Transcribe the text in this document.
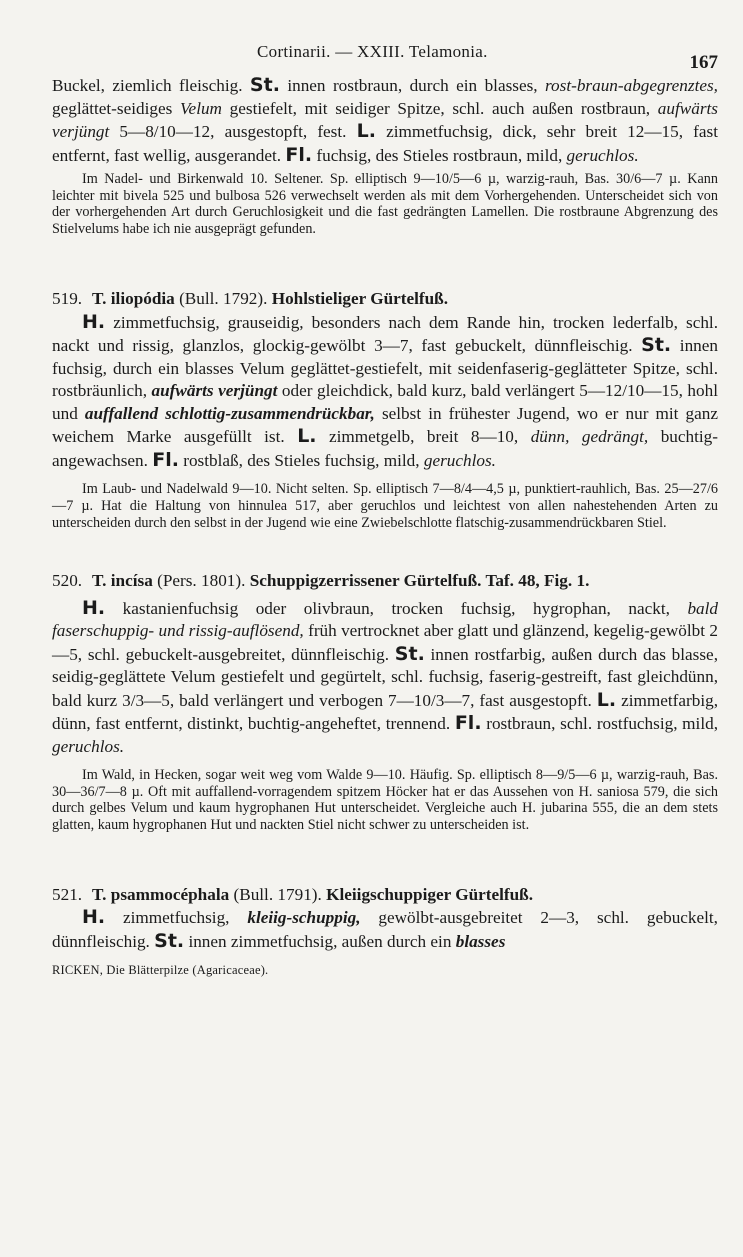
Cortinarii. — XXIII. Telamonia.
167

Buckel, ziemlich fleischig. St. innen rostbraun, durch ein blasses, rost-braun-abgegrenztes, geglättet-seidiges Velum gestiefelt, mit seidiger Spitze, schl. auch außen rostbraun, aufwärts verjüngt 5—8/10—12, ausgestopft, fest. L. zimmetfuchsig, dick, sehr breit 12—15, fast entfernt, fast wellig, ausgerandet. Fl. fuchsig, des Stieles rostbraun, mild, geruchlos.

Im Nadel- und Birkenwald 10. Seltener. Sp. elliptisch 9—10/5—6 µ, warzig-rauh, Bas. 30/6—7 µ. Kann leichter mit bivela 525 und bulbosa 526 verwechselt werden als mit dem Vorhergehenden. Unterscheidet sich von der vorhergehenden Art durch Geruchlosigkeit und die fast gedrängten Lamellen. Die rostbraune Abgrenzung des Stielvelums habe ich nie ausgeprägt gefunden.

519. T. iliopódia (Bull. 1792). Hohlstieliger Gürtelfuß.

H. zimmetfuchsig, grauseidig, besonders nach dem Rande hin, trocken lederfalb, schl. nackt und rissig, glanzlos, glockig-gewölbt 3—7, fast gebuckelt, dünnfleischig. St. innen fuchsig, durch ein blasses Velum geglättet-gestiefelt, mit seidenfaserig-geglätteter Spitze, schl. rostbräunlich, aufwärts verjüngt oder gleichdick, bald kurz, bald verlängert 5—12/10—15, hohl und auffallend schlottig-zusammendrückbar, selbst in frühester Jugend, wo er nur mit ganz weichem Marke ausgefüllt ist. L. zimmetgelb, breit 8—10, dünn, gedrängt, buchtig-angewachsen. Fl. rostblaß, des Stieles fuchsig, mild, geruchlos.

Im Laub- und Nadelwald 9—10. Nicht selten. Sp. elliptisch 7—8/4—4,5 µ, punktiert-rauhlich, Bas. 25—27/6—7 µ. Hat die Haltung von hinnulea 517, aber geruchlos und leichtest von allen nahestehenden Arten zu unterscheiden durch den selbst in der Jugend wie eine Zwiebelschlotte flatschig-zusammendrückbaren Stiel.

520. T. incísa (Pers. 1801). Schuppigzerrissener Gürtelfuß. Taf. 48, Fig. 1.

H. kastanienfuchsig oder olivbraun, trocken fuchsig, hygrophan, nackt, bald faserschuppig- und rissig-auflösend, früh vertrocknet aber glatt und glänzend, kegelig-gewölbt 2—5, schl. gebuckelt-ausgebreitet, dünnfleischig. St. innen rostfarbig, außen durch das blasse, seidig-geglättete Velum gestiefelt und gegürtelt, schl. fuchsig, faserig-gestreift, fast gleichdünn, bald kurz 3/3—5, bald verlängert und verbogen 7—10/3—7, fast ausgestopft. L. zimmetfarbig, dünn, fast entfernt, distinkt, buchtig-angeheftet, trennend. Fl. rostbraun, schl. rostfuchsig, mild, geruchlos.

Im Wald, in Hecken, sogar weit weg vom Walde 9—10. Häufig. Sp. elliptisch 8—9/5—6 µ, warzig-rauh, Bas. 30—36/7—8 µ. Oft mit auffallend-vorragendem spitzem Höcker hat er das Aussehen von H. saniosa 579, die sich durch gelbes Velum und kaum hygrophanen Hut unterscheidet. Vergleiche auch H. jubarina 555, die an dem stets glatten, kaum hygrophanen Hut und nackten Stiel nicht schwer zu unterscheiden ist.

521. T. psammocéphala (Bull. 1791). Kleiigschuppiger Gürtelfuß.

H. zimmetfuchsig, kleiig-schuppig, gewölbt-ausgebreitet 2—3, schl. gebuckelt, dünnfleischig. St. innen zimmetfuchsig, außen durch ein blasses

RICKEN, Die Blätterpilze (Agaricaceae).
